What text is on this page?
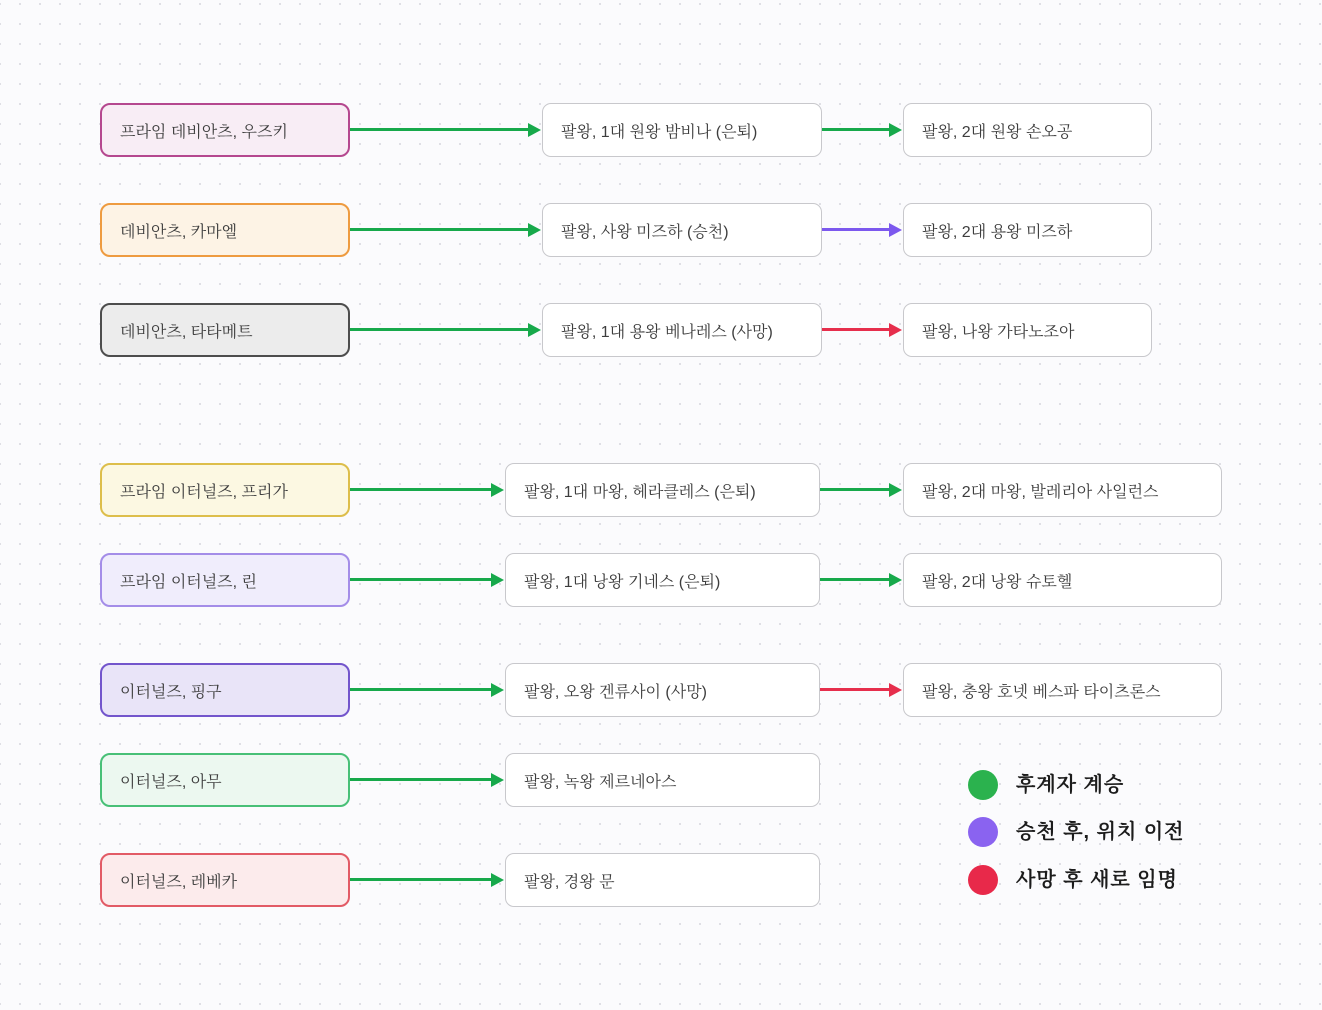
프라임 데비안츠, 우즈키	팔왕, 1대 원왕 밤비나 (은퇴)	팔왕, 2대 원왕 손오공
데비안츠, 카마엘	팔왕, 사왕 미즈하 (승천)	팔왕, 2대 용왕 미즈하
데비안츠, 타타메트	팔왕, 1대 용왕 베나레스 (사망)	팔왕, 나왕 가타노조아
프라임 이터널즈, 프리가	팔왕, 1대 마왕, 헤라클레스 (은퇴)	팔왕, 2대 마왕, 발레리아 사일런스
프라임 이터널즈, 린	팔왕, 1대 낭왕 기네스 (은퇴)	팔왕, 2대 낭왕 슈토헬
이터널즈, 핑구	팔왕, 오왕 겐류사이 (사망)	팔왕, 충왕 호넷 베스파 타이츠론스
이터널즈, 아무	팔왕, 녹왕 제르네아스
이터널즈, 레베카	팔왕, 경왕 문
후계자 계승
승천 후, 위치 이전
사망 후 새로 임명
